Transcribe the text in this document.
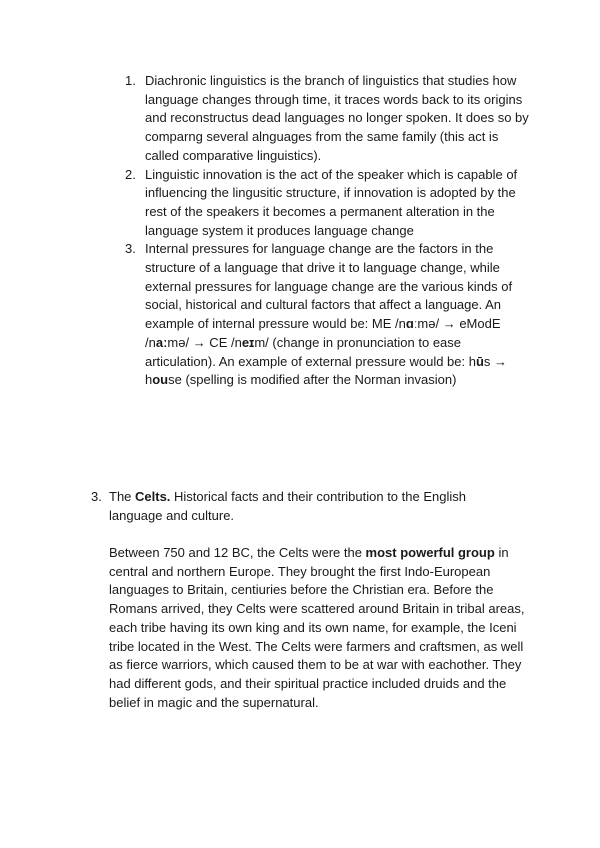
1. Diachronic linguistics is the branch of linguistics that studies how language changes through time, it traces words back to its origins and reconstructus dead languages no longer spoken. It does so by comparng several alnguages from the same family (this act is called comparative linguistics).
2. Linguistic innovation is the act of the speaker which is capable of influencing the lingusitic structure, if innovation is adopted by the rest of the speakers it becomes a permanent alteration in the language system it produces language change
3. Internal pressures for language change are the factors in the structure of a language that drive it to language change, while external pressures for language change are the various kinds of social, historical and cultural factors that affect a language. An example of internal pressure would be: ME /nɑːmə/ → eModE /naːmə/ → CE /neɪm/ (change in pronunciation to ease articulation). An example of external pressure would be: hūs → house (spelling is modified after the Norman invasion)
3. The Celts. Historical facts and their contribution to the English language and culture.
Between 750 and 12 BC, the Celts were the most powerful group in central and northern Europe. They brought the first Indo-European languages to Britain, centiuries before the Christian era. Before the Romans arrived, they Celts were scattered around Britain in tribal areas, each tribe having its own king and its own name, for example, the Iceni tribe located in the West. The Celts were farmers and craftsmen, as well as fierce warriors, which caused them to be at war with eachother. They had different gods, and their spiritual practice included druids and the belief in magic and the supernatural.
